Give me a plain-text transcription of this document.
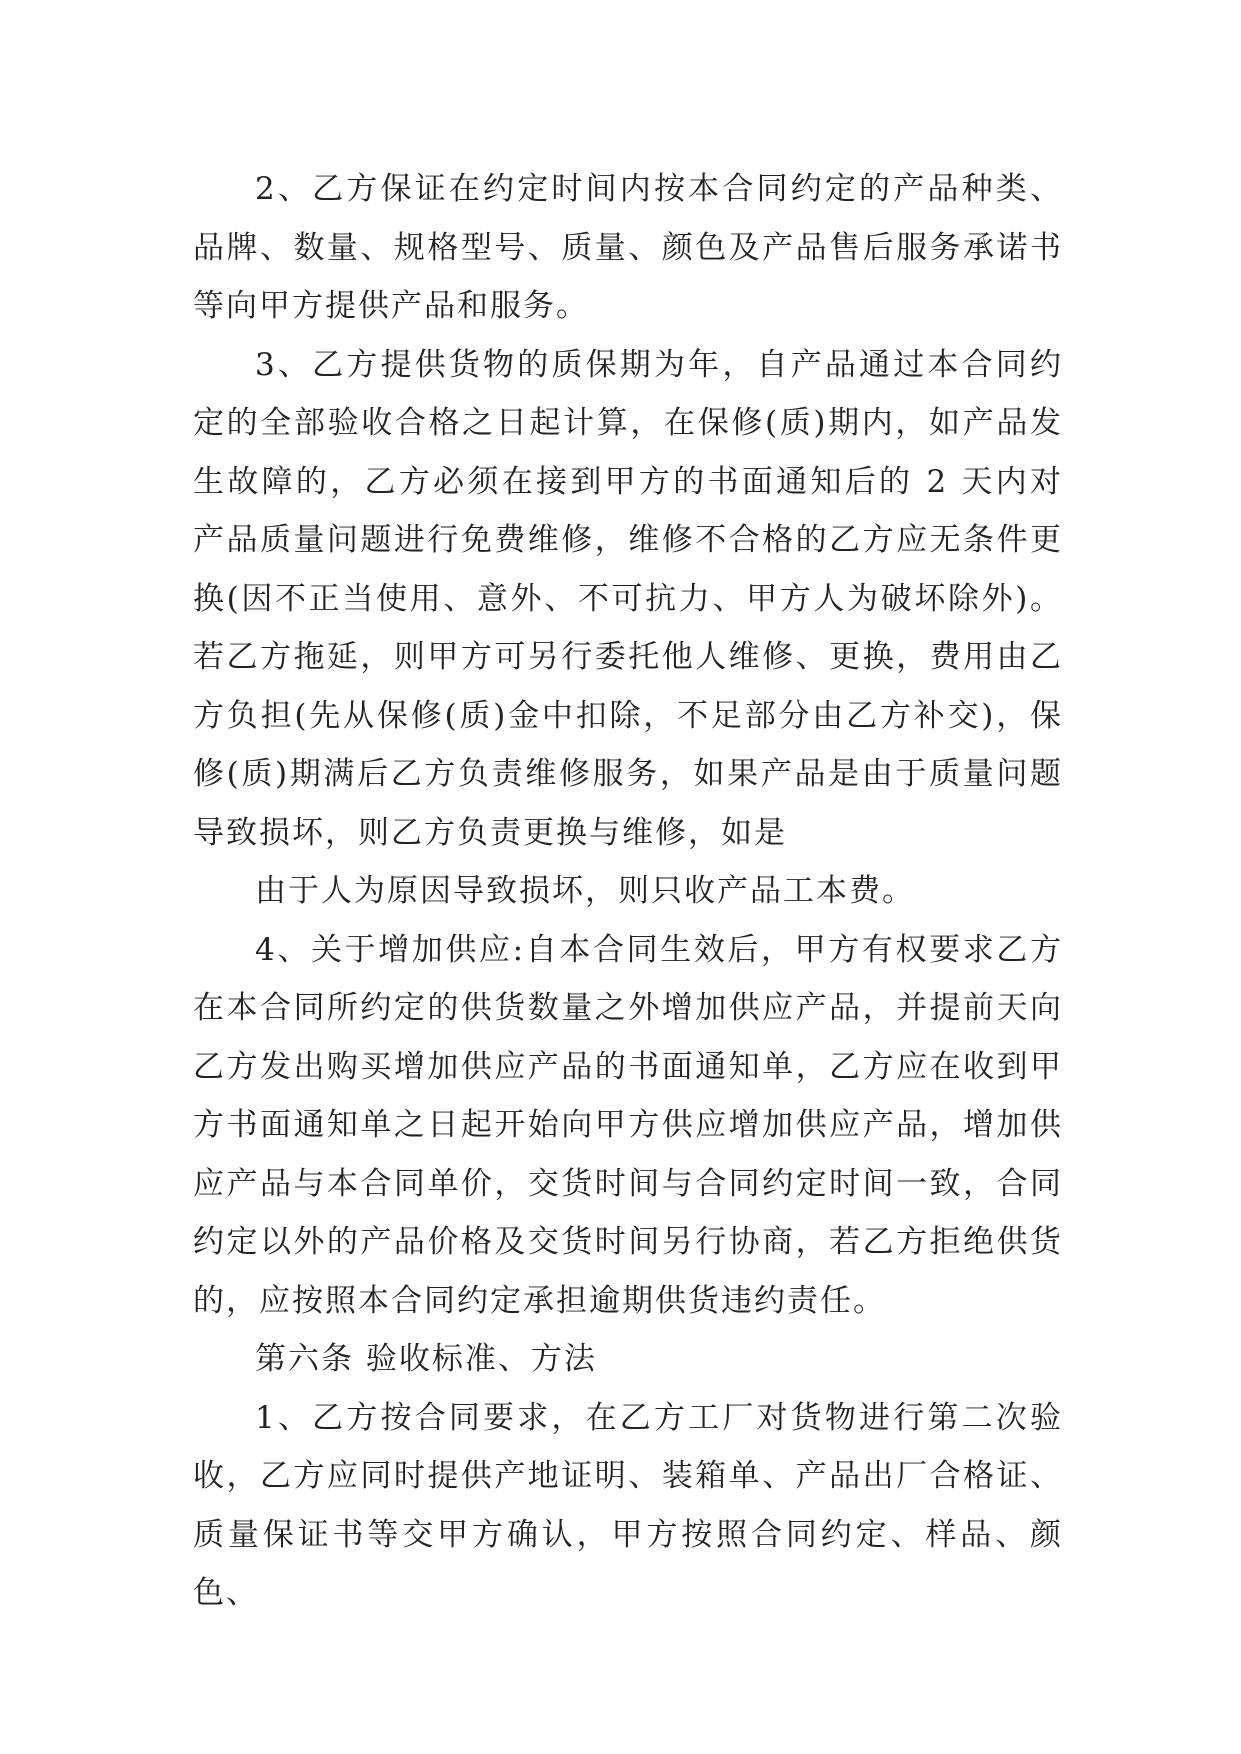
2、乙方保证在约定时间内按本合同约定的产品种类、品牌、数量、规格型号、质量、颜色及产品售后服务承诺书等向甲方提供产品和服务。

3、乙方提供货物的质保期为年，自产品通过本合同约定的全部验收合格之日起计算，在保修(质)期内，如产品发生故障的，乙方必须在接到甲方的书面通知后的 2 天内对产品质量问题进行免费维修，维修不合格的乙方应无条件更换(因不正当使用、意外、不可抗力、甲方人为破坏除外)。若乙方拖延，则甲方可另行委托他人维修、更换，费用由乙方负担(先从保修(质)金中扣除，不足部分由乙方补交)，保修(质)期满后乙方负责维修服务，如果产品是由于质量问题导致损坏，则乙方负责更换与维修，如是

由于人为原因导致损坏，则只收产品工本费。

4、关于增加供应:自本合同生效后，甲方有权要求乙方在本合同所约定的供货数量之外增加供应产品，并提前天向乙方发出购买增加供应产品的书面通知单，乙方应在收到甲方书面通知单之日起开始向甲方供应增加供应产品，增加供应产品与本合同单价，交货时间与合同约定时间一致，合同约定以外的产品价格及交货时间另行协商，若乙方拒绝供货的，应按照本合同约定承担逾期供货违约责任。

第六条 验收标准、方法

1、乙方按合同要求，在乙方工厂对货物进行第二次验收，乙方应同时提供产地证明、装箱单、产品出厂合格证、质量保证书等交甲方确认，甲方按照合同约定、样品、颜色、
